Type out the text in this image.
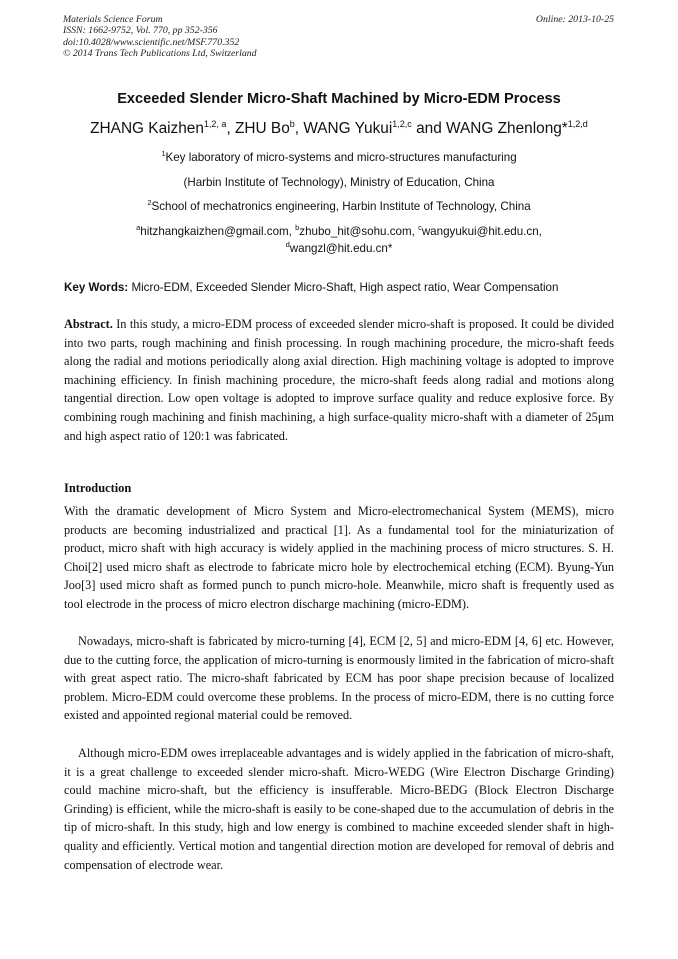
Materials Science Forum
ISSN: 1662-9752, Vol. 770, pp 352-356
doi:10.4028/www.scientific.net/MSF.770.352
© 2014 Trans Tech Publications Ltd, Switzerland
Online: 2013-10-25
Exceeded Slender Micro-Shaft Machined by Micro-EDM Process
ZHANG Kaizhen$^{1,2, a}$, ZHU Bo$^b$, WANG Yukui$^{1,2,c}$ and WANG Zhenlong*$^{1,2,d}$
$^1$Key laboratory of micro-systems and micro-structures manufacturing
(Harbin Institute of Technology), Ministry of Education, China
$^2$School of mechatronics engineering, Harbin Institute of Technology, China
$^a$hitzhangkaizhen@gmail.com, $^b$zhubo_hit@sohu.com, $^c$wangyukui@hit.edu.cn,
$^d$wangzl@hit.edu.cn*
Key Words: Micro-EDM, Exceeded Slender Micro-Shaft, High aspect ratio, Wear Compensation
Abstract. In this study, a micro-EDM process of exceeded slender micro-shaft is proposed. It could be divided into two parts, rough machining and finish processing. In rough machining procedure, the micro-shaft feeds along the radial and motions periodically along axial direction. High machining voltage is adopted to improve machining efficiency. In finish machining procedure, the micro-shaft feeds along radial and motions along tangential direction. Low open voltage is adopted to improve surface quality and reduce explosive force. By combining rough machining and finish machining, a high surface-quality micro-shaft with a diameter of 25μm and high aspect ratio of 120:1 was fabricated.
Introduction
With the dramatic development of Micro System and Micro-electromechanical System (MEMS), micro products are becoming industrialized and practical [1]. As a fundamental tool for the miniaturization of product, micro shaft with high accuracy is widely applied in the machining process of micro structures. S. H. Choi[2] used micro shaft as electrode to fabricate micro hole by electrochemical etching (ECM). Byung-Yun Joo[3] used micro shaft as formed punch to punch micro-hole. Meanwhile, micro shaft is frequently used as tool electrode in the process of micro electron discharge machining (micro-EDM).
Nowadays, micro-shaft is fabricated by micro-turning [4], ECM [2, 5] and micro-EDM [4, 6] etc. However, due to the cutting force, the application of micro-turning is enormously limited in the fabrication of micro-shaft with great aspect ratio. The micro-shaft fabricated by ECM has poor shape precision because of localized problem. Micro-EDM could overcome these problems. In the process of micro-EDM, there is no cutting force existed and appointed regional material could be removed.
Although micro-EDM owes irreplaceable advantages and is widely applied in the fabrication of micro-shaft, it is a great challenge to exceeded slender micro-shaft. Micro-WEDG (Wire Electron Discharge Grinding) could machine micro-shaft, but the efficiency is insufferable. Micro-BEDG (Block Electron Discharge Grinding) is efficient, while the micro-shaft is easily to be cone-shaped due to the accumulation of debris in the tip of micro-shaft. In this study, high and low energy is combined to machine exceeded slender shaft in high-quality and efficiently. Vertical motion and tangential direction motion are developed for removal of debris and compensation of electrode wear.
